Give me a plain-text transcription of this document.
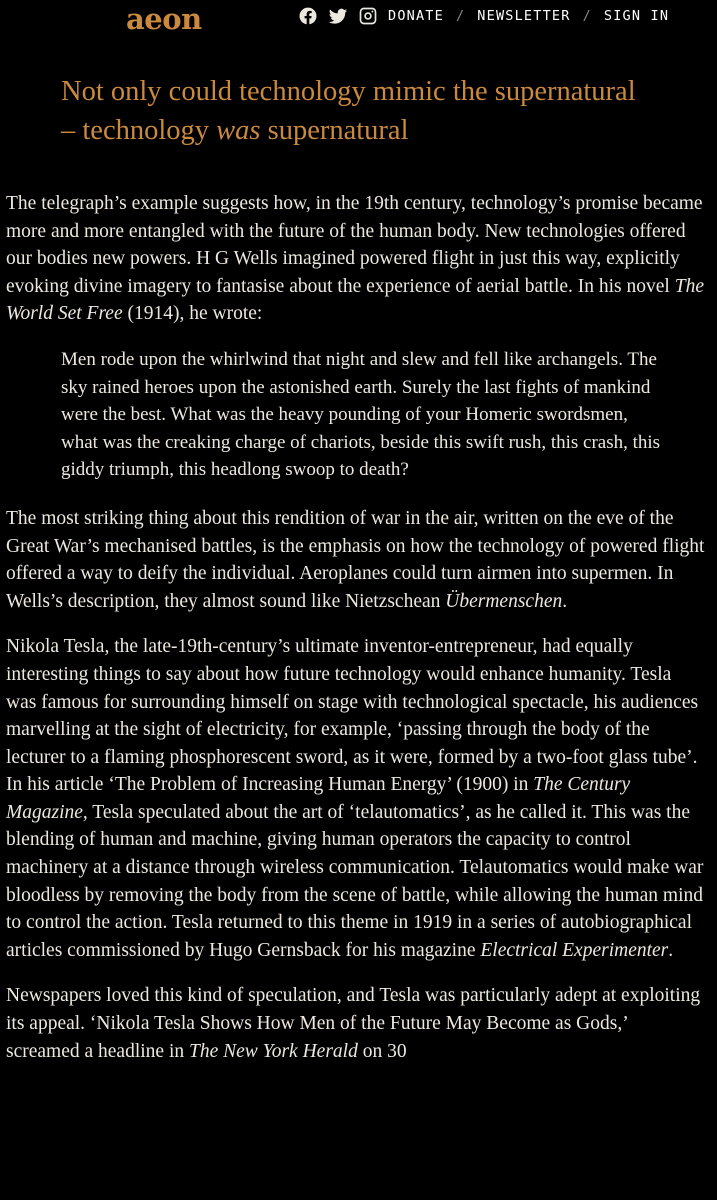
aeon	DONATE / NEWSLETTER / SIGN IN
Not only could technology mimic the supernatural – technology was supernatural

The telegraph’s example suggests how, in the 19th century, technology’s promise became more and more entangled with the future of the human body. New technologies offered our bodies new powers. H G Wells imagined powered flight in just this way, explicitly evoking divine imagery to fantasise about the experience of aerial battle. In his novel The World Set Free (1914), he wrote:

Men rode upon the whirlwind that night and slew and fell like archangels. The sky rained heroes upon the astonished earth. Surely the last fights of mankind were the best. What was the heavy pounding of your Homeric swordsmen, what was the creaking charge of chariots, beside this swift rush, this crash, this giddy triumph, this headlong swoop to death?

The most striking thing about this rendition of war in the air, written on the eve of the Great War’s mechanised battles, is the emphasis on how the technology of powered flight offered a way to deify the individual. Aeroplanes could turn airmen into supermen. In Wells’s description, they almost sound like Nietzschean Übermenschen.

Nikola Tesla, the late-19th-century’s ultimate inventor-entrepreneur, had equally interesting things to say about how future technology would enhance humanity. Tesla was famous for surrounding himself on stage with technological spectacle, his audiences marvelling at the sight of electricity, for example, ‘passing through the body of the lecturer to a flaming phosphorescent sword, as it were, formed by a two-foot glass tube’. In his article ‘The Problem of Increasing Human Energy’ (1900) in The Century Magazine, Tesla speculated about the art of ‘telautomatics’, as he called it. This was the blending of human and machine, giving human operators the capacity to control machinery at a distance through wireless communication. Telautomatics would make war bloodless by removing the body from the scene of battle, while allowing the human mind to control the action. Tesla returned to this theme in 1919 in a series of autobiographical articles commissioned by Hugo Gernsback for his magazine Electrical Experimenter.

Newspapers loved this kind of speculation, and Tesla was particularly adept at exploiting its appeal. ‘Nikola Tesla Shows How Men of the Future May Become as Gods,’ screamed a headline in The New York Herald on 30
